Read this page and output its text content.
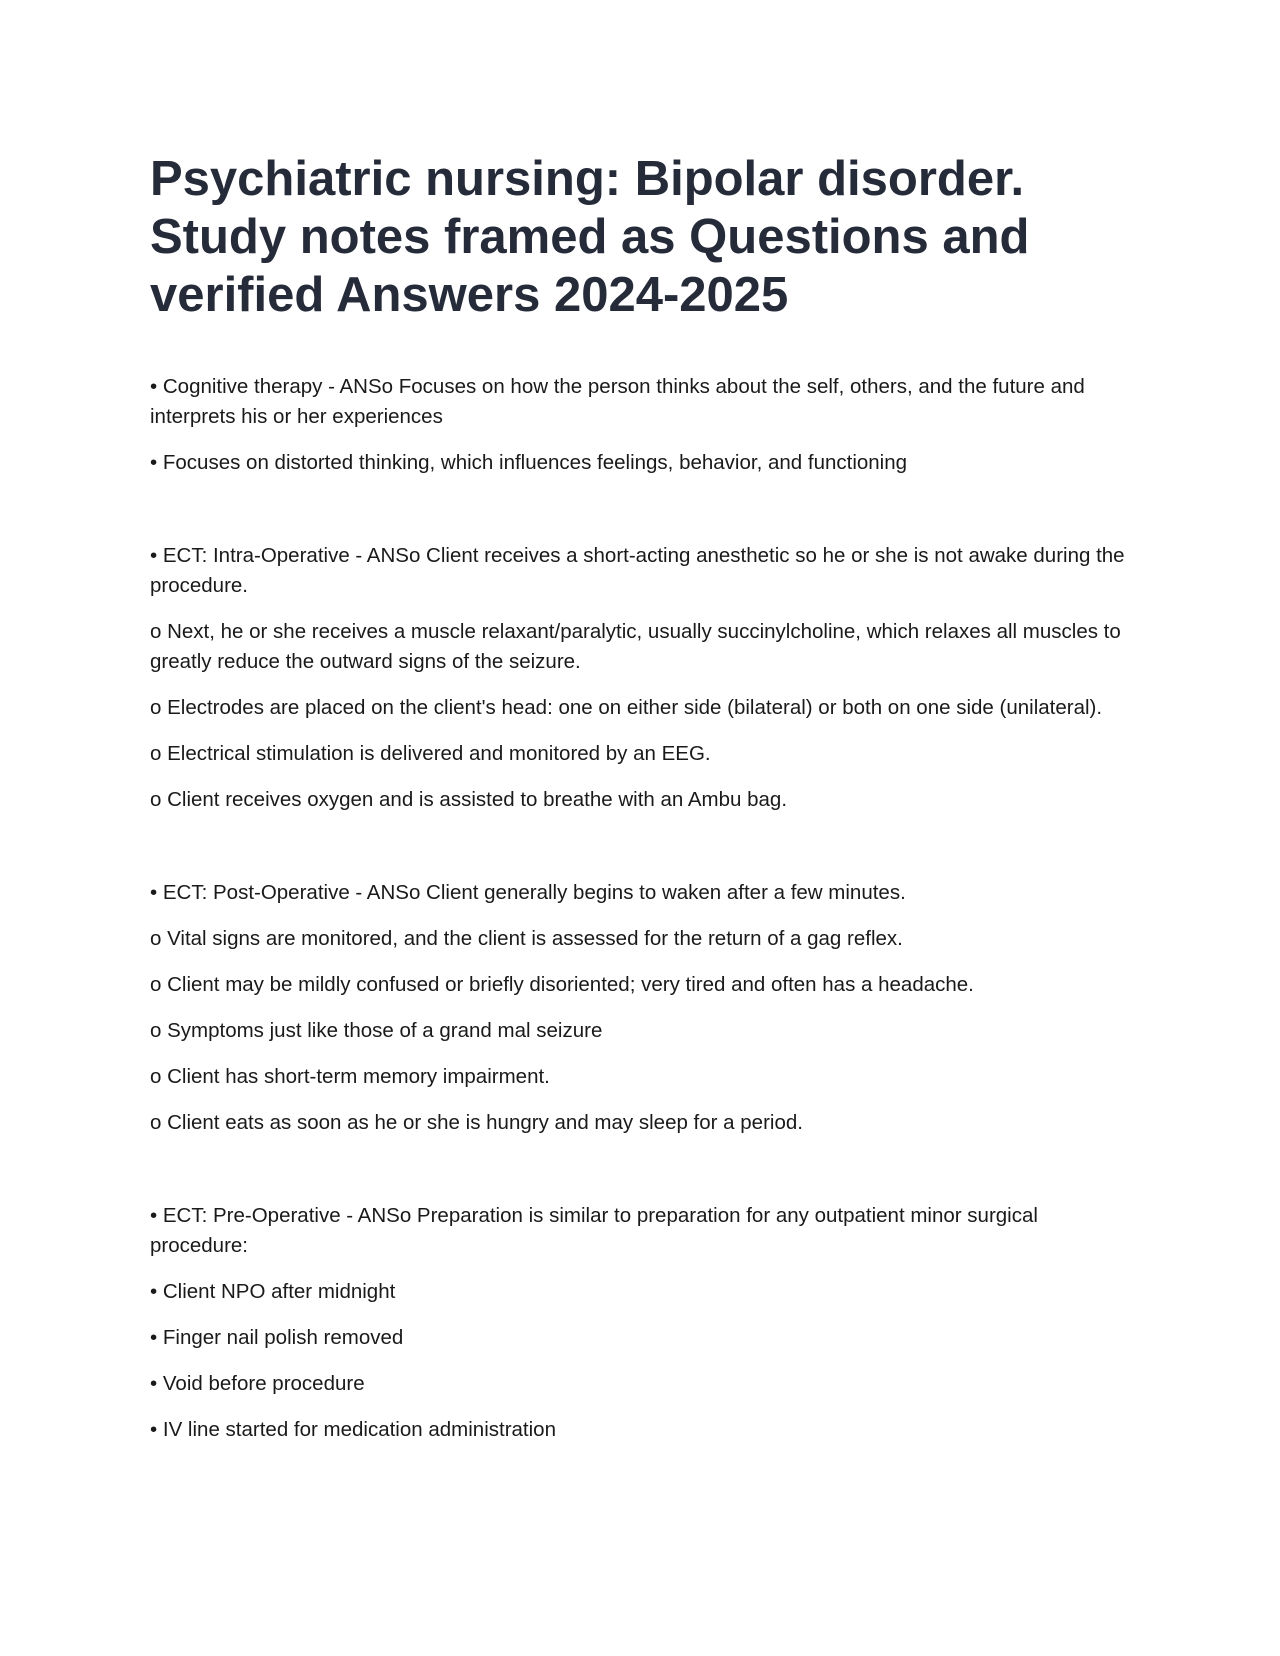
Psychiatric nursing: Bipolar disorder. Study notes framed as Questions and verified Answers 2024-2025

• Cognitive therapy - ANSo Focuses on how the person thinks about the self, others, and the future and interprets his or her experiences

• Focuses on distorted thinking, which influences feelings, behavior, and functioning

• ECT: Intra-Operative - ANSo Client receives a short-acting anesthetic so he or she is not awake during the procedure.

o Next, he or she receives a muscle relaxant/paralytic, usually succinylcholine, which relaxes all muscles to greatly reduce the outward signs of the seizure.

o Electrodes are placed on the client's head: one on either side (bilateral) or both on one side (unilateral).

o Electrical stimulation is delivered and monitored by an EEG.

o Client receives oxygen and is assisted to breathe with an Ambu bag.

• ECT: Post-Operative - ANSo Client generally begins to waken after a few minutes.

o Vital signs are monitored, and the client is assessed for the return of a gag reflex.

o Client may be mildly confused or briefly disoriented; very tired and often has a headache.

o Symptoms just like those of a grand mal seizure

o Client has short-term memory impairment.

o Client eats as soon as he or she is hungry and may sleep for a period.

• ECT: Pre-Operative - ANSo Preparation is similar to preparation for any outpatient minor surgical procedure:

• Client NPO after midnight

• Finger nail polish removed

• Void before procedure

• IV line started for medication administration
